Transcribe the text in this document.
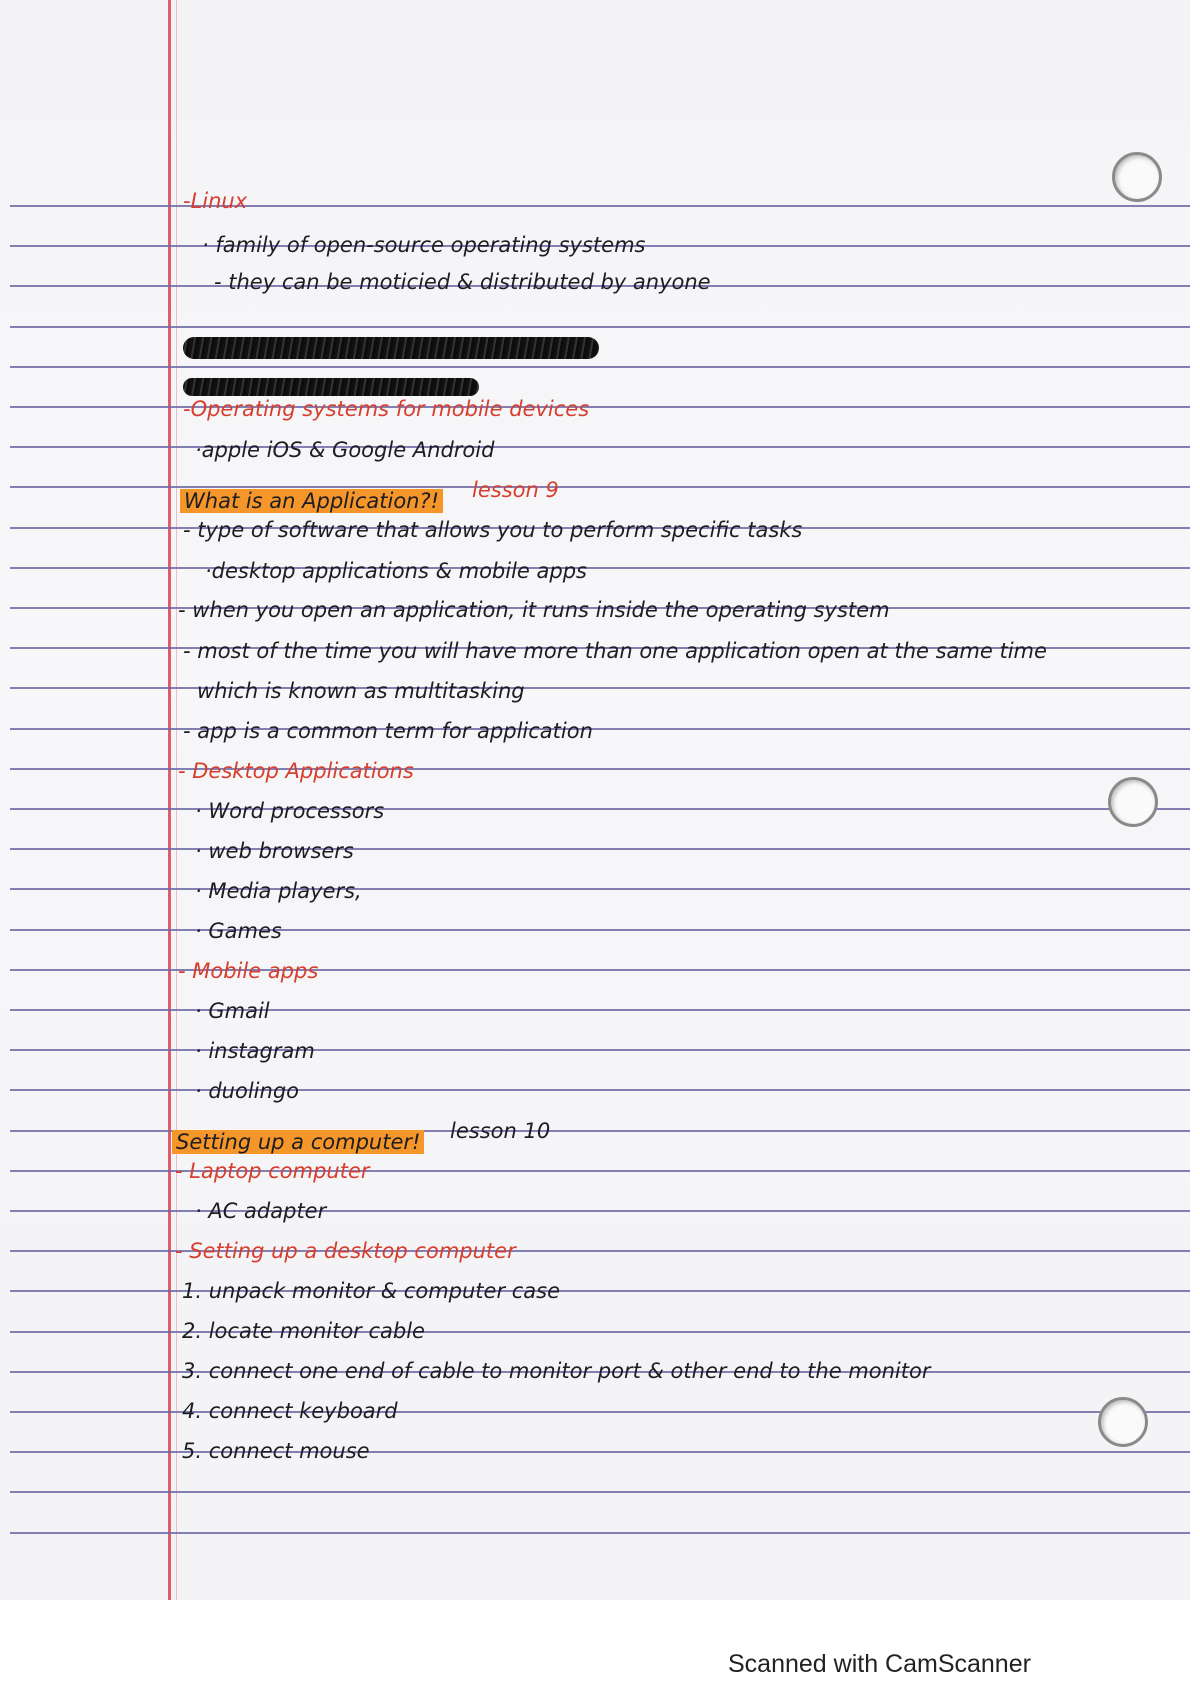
What is an Application?!
Setting up a computer!
-Linux
· family of open-source operating systems
- they can be moticied & distributed by anyone
-Operating systems for mobile devices
·apple iOS & Google Android
lesson 9
- type of software that allows you to perform specific tasks
·desktop applications & mobile apps
- when you open an application, it runs inside the operating system
- most of the time you will have more than one application open at the same time
which is known as multitasking
- app is a common term for application
- Desktop Applications
· Word processors
· web browsers
· Media players,
· Games
- Mobile apps
· Gmail
· instagram
· duolingo
lesson 10
- Laptop computer
· AC adapter
- Setting up a desktop computer
1. unpack monitor & computer case
2. locate monitor cable
3. connect one end of cable to monitor port & other end to the monitor
4. connect keyboard
5. connect mouse
Scanned with CamScanner
